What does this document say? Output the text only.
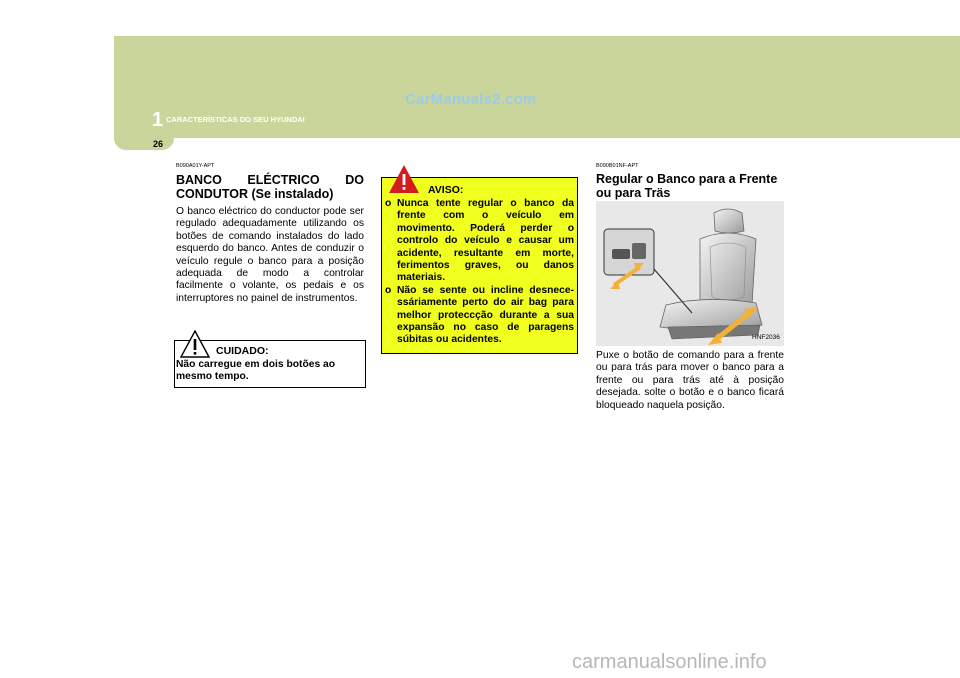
CarManuals2.com
1 CARACTERÍSTICAS DO SEU HYUNDAI
26
B090A01Y-APT
BANCO ELÉCTRICO DO CONDUTOR (Se instalado)

O banco eléctrico do conductor pode ser regulado adequadamente utilizando os botões de comando instalados do lado esquerdo do banco. Antes de conduzir o veículo regule o banco para a posição adequada de modo a controlar facilmente o volante, os pedais e os interruptores no painel de instrumentos.

CUIDADO:

Não carregue em dois botões ao mesmo tempo.

AVISO:
o Nunca tente regular o banco da frente com o veículo em movimento. Poderá perder o controlo do veículo e causar um acidente, resultante em morte, ferimentos graves, ou danos materiais.
o Não se sente ou incline desnece-ssáriamente perto do air bag para melhor proteccção durante a sua expansão no caso de paragens súbitas ou acidentes.
B090B01NF-APT
Regular o Banco para a Frente ou para Träs
HNF2036

Puxe o botão de comando para a frente ou para trás para mover o banco para a frente ou para trás até à posição desejada. solte o botão e o banco ficará bloqueado naquela posição.

carmanualsonline.info
